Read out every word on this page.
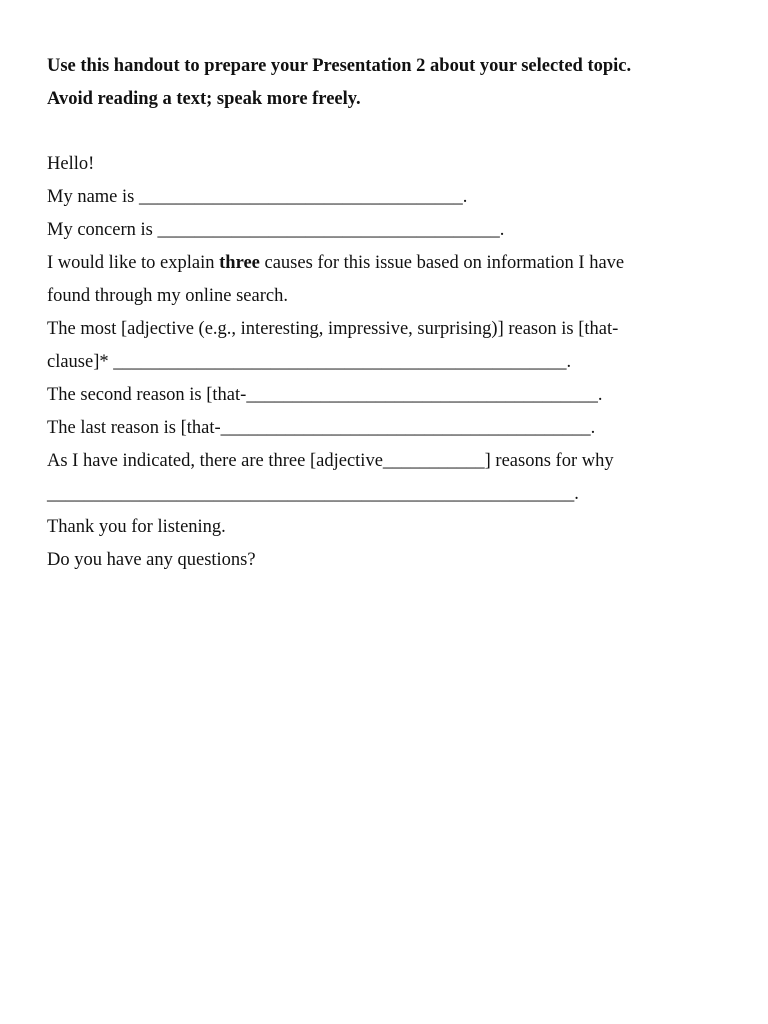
Use this handout to prepare your Presentation 2 about your selected topic.

Avoid reading a text; speak more freely.

Hello!

My name is ___________________________________.

My concern is _____________________________________.

I would like to explain three causes for this issue based on information I have

found through my online search.

The most [adjective (e.g., interesting, impressive, surprising)] reason is [that-

clause]* _________________________________________________.

The second reason is [that-______________________________________.

The last reason is [that-________________________________________.

As I have indicated, there are three [adjective___________] reasons for why

_________________________________________________________.

Thank you for listening.

Do you have any questions?
